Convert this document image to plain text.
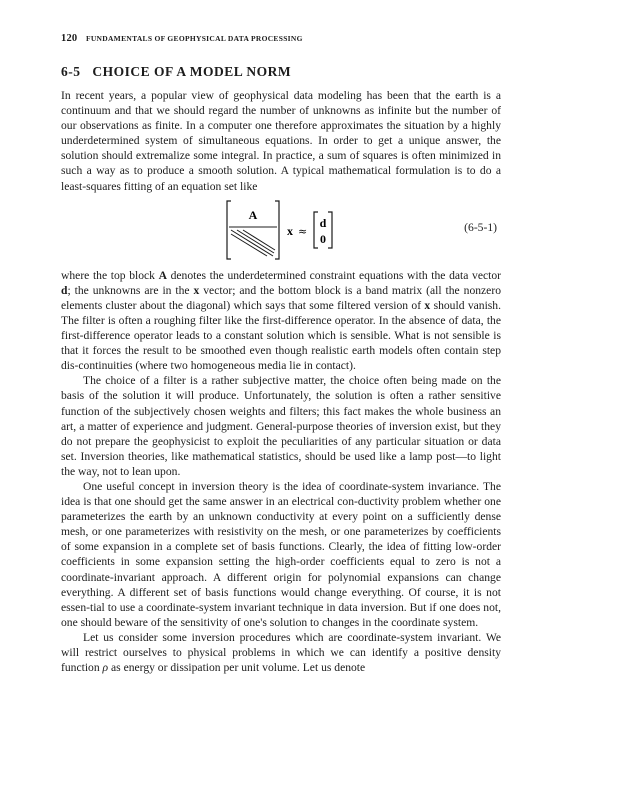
120 FUNDAMENTALS OF GEOPHYSICAL DATA PROCESSING
6-5 CHOICE OF A MODEL NORM

In recent years, a popular view of geophysical data modeling has been that the earth is a continuum and that we should regard the number of unknowns as infinite but the number of our observations as finite. In a computer one therefore approximates the situation by a highly underdetermined system of simultaneous equations. In order to get a unique answer, the solution should extremalize some integral. In practice, a sum of squares is often minimized in such a way as to produce a smooth solution. A typical mathematical formulation is to do a least-squares fitting of an equation set like

A
x ≈
d
0
(6-5-1)

where the top block A denotes the underdetermined constraint equations with the data vector d; the unknowns are in the x vector; and the bottom block is a band matrix (all the nonzero elements cluster about the diagonal) which says that some filtered version of x should vanish. The filter is often a roughing filter like the first-difference operator. In the absence of data, the first-difference operator leads to a constant solution which is sensible. What is not sensible is that it forces the result to be smoothed even though realistic earth models often contain step dis-continuities (where two homogeneous media lie in contact).

The choice of a filter is a rather subjective matter, the choice often being made on the basis of the solution it will produce. Unfortunately, the solution is often a rather sensitive function of the subjectively chosen weights and filters; this fact makes the whole business an art, a matter of experience and judgment. General-purpose theories of inversion exist, but they do not prepare the geophysicist to exploit the peculiarities of any particular situation or data set. Inversion theories, like mathematical statistics, should be used like a lamp post—to light the way, not to lean upon.

One useful concept in inversion theory is the idea of coordinate-system invariance. The idea is that one should get the same answer in an electrical con-ductivity problem whether one parameterizes the earth by an unknown conductivity at every point on a sufficiently dense mesh, or one parameterizes with resistivity on the mesh, or one parameterizes by coefficients of some expansion in a complete set of basis functions. Clearly, the idea of fitting low-order coefficients in some expansion setting the high-order coefficients equal to zero is not a coordinate-invariant approach. A different origin for polynomial expansions can change everything. A different set of basis functions would change everything. Of course, it is not essen-tial to use a coordinate-system invariant technique in data inversion. But if one does not, one should beware of the sensitivity of one's solution to changes in the coordinate system.

Let us consider some inversion procedures which are coordinate-system invariant. We will restrict ourselves to physical problems in which we can identify a positive density function ρ as energy or dissipation per unit volume. Let us denote
